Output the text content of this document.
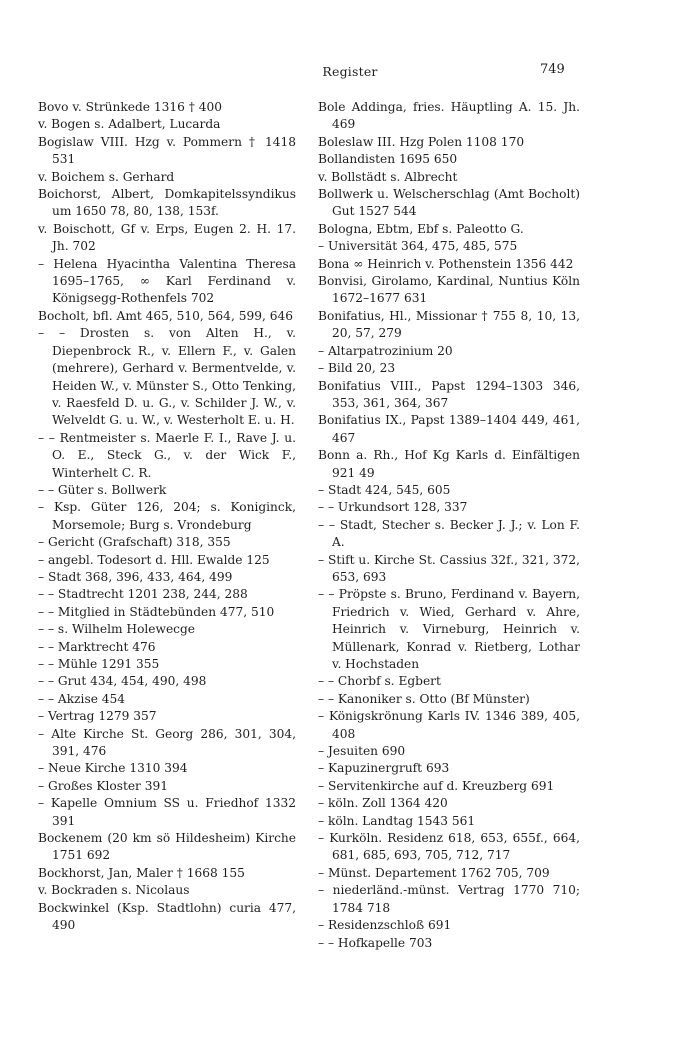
Register	749
Bovo v. Strünkede 1316 † 400
v. Bogen s. Adalbert, Lucarda
Bogislaw VIII. Hzg v. Pommern † 1418 531
v. Boichem s. Gerhard
Boichorst, Albert, Domkapitelssyndikus um 1650 78, 80, 138, 153f.
v. Boischott, Gf v. Erps, Eugen 2. H. 17. Jh. 702
– Helena Hyacintha Valentina Theresa 1695–1765, ∞ Karl Ferdinand v. Königsegg-Rothenfels 702
Bocholt, bfl. Amt 465, 510, 564, 599, 646
– – Drosten s. von Alten H., v. Diepenbrock R., v. Ellern F., v. Galen (mehrere), Gerhard v. Bermentvelde, v. Heiden W., v. Münster S., Otto Tenking, v. Raesfeld D. u. G., v. Schilder J. W., v. Welveldt G. u. W., v. Westerholt E. u. H.
– – Rentmeister s. Maerle F. I., Rave J. u. O. E., Steck G., v. der Wick F., Winterhelt C. R.
– – Güter s. Bollwerk
– Ksp. Güter 126, 204; s. Koniginck, Morsemole; Burg s. Vrondeburg
– Gericht (Grafschaft) 318, 355
– angebl. Todesort d. Hll. Ewalde 125
– Stadt 368, 396, 433, 464, 499
– – Stadtrecht 1201 238, 244, 288
– – Mitglied in Städtebünden 477, 510
– – s. Wilhelm Holewecge
– – Marktrecht 476
– – Mühle 1291 355
– – Grut 434, 454, 490, 498
– – Akzise 454
– Vertrag 1279 357
– Alte Kirche St. Georg 286, 301, 304, 391, 476
– Neue Kirche 1310 394
– Großes Kloster 391
– Kapelle Omnium SS u. Friedhof 1332 391
Bockenem (20 km sö Hildesheim) Kirche 1751 692
Bockhorst, Jan, Maler † 1668 155
v. Bockraden s. Nicolaus
Bockwinkel (Ksp. Stadtlohn) curia 477, 490
Bole Addinga, fries. Häuptling A. 15. Jh. 469
Boleslaw III. Hzg Polen 1108 170
Bollandisten 1695 650
v. Bollstädt s. Albrecht
Bollwerk u. Welscherschlag (Amt Bocholt) Gut 1527 544
Bologna, Ebtm, Ebf s. Paleotto G.
– Universität 364, 475, 485, 575
Bona ∞ Heinrich v. Pothenstein 1356 442
Bonvisi, Girolamo, Kardinal, Nuntius Köln 1672–1677 631
Bonifatius, Hl., Missionar † 755 8, 10, 13, 20, 57, 279
– Altarpatrozinium 20
– Bild 20, 23
Bonifatius VIII., Papst 1294–1303 346, 353, 361, 364, 367
Bonifatius IX., Papst 1389–1404 449, 461, 467
Bonn a. Rh., Hof Kg Karls d. Einfältigen 921 49
– Stadt 424, 545, 605
– – Urkundsort 128, 337
– – Stadt, Stecher s. Becker J. J.; v. Lon F. A.
– Stift u. Kirche St. Cassius 32f., 321, 372, 653, 693
– – Pröpste s. Bruno, Ferdinand v. Bayern, Friedrich v. Wied, Gerhard v. Ahre, Heinrich v. Virneburg, Heinrich v. Müllenark, Konrad v. Rietberg, Lothar v. Hochstaden
– – Chorbf s. Egbert
– – Kanoniker s. Otto (Bf Münster)
– Königskrönung Karls IV. 1346 389, 405, 408
– Jesuiten 690
– Kapuzinergruft 693
– Servitenkirche auf d. Kreuzberg 691
– köln. Zoll 1364 420
– köln. Landtag 1543 561
– Kurköln. Residenz 618, 653, 655f., 664, 681, 685, 693, 705, 712, 717
– Münst. Departement 1762 705, 709
– niederländ.-münst. Vertrag 1770 710; 1784 718
– Residenzschloß 691
– – Hofkapelle 703
